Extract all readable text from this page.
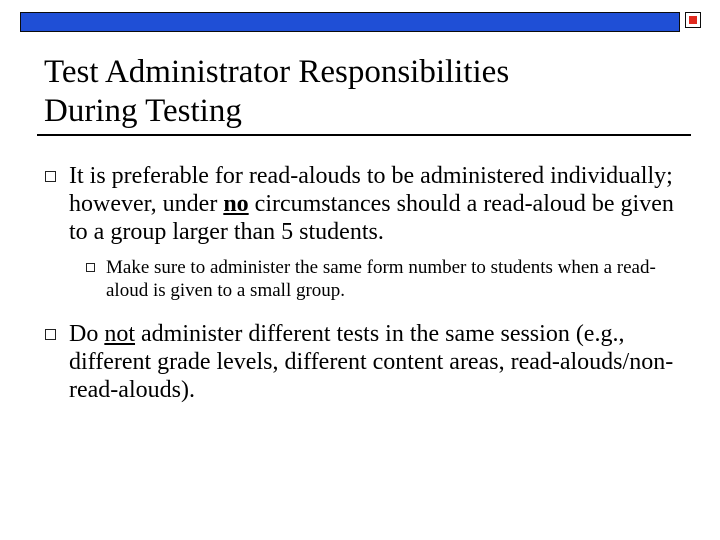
Test Administrator Responsibilities
During Testing
It is preferable for read-alouds to be administered individually; however, under no circumstances should a read-aloud be given to a group larger than 5 students.
Make sure to administer the same form number to students when a read-aloud is given to a small group.
Do not administer different tests in the same session (e.g., different grade levels, different content areas, read-alouds/non-read-alouds).
